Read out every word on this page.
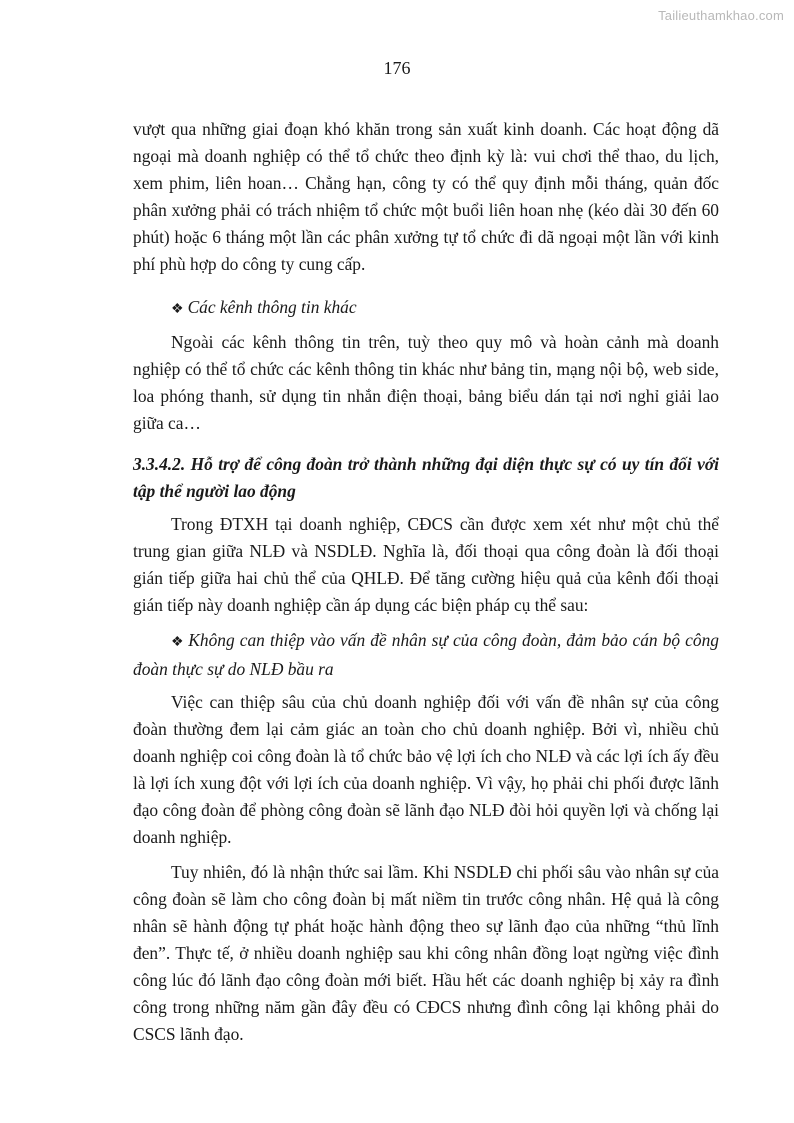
Tailieuthamkhao.com
176

vượt qua những giai đoạn khó khăn trong sản xuất kinh doanh. Các hoạt động dã ngoại mà doanh nghiệp có thể tổ chức theo định kỳ là: vui chơi thể thao, du lịch, xem phim, liên hoan… Chẳng hạn, công ty có thể quy định mỗi tháng, quản đốc phân xưởng phải có trách nhiệm tổ chức một buổi liên hoan nhẹ (kéo dài 30 đến 60 phút) hoặc 6 tháng một lần các phân xưởng tự tổ chức đi dã ngoại một lần với kinh phí phù hợp do công ty cung cấp.

❖ Các kênh thông tin khác

Ngoài các kênh thông tin trên, tuỳ theo quy mô và hoàn cảnh mà doanh nghiệp có thể tổ chức các kênh thông tin khác như bảng tin, mạng nội bộ, web side, loa phóng thanh, sử dụng tin nhắn điện thoại, bảng biểu dán tại nơi nghỉ giải lao giữa ca…

3.3.4.2. Hỗ trợ để công đoàn trở thành những đại diện thực sự có uy tín đối với tập thể người lao động

Trong ĐTXH tại doanh nghiệp, CĐCS cần được xem xét như một chủ thể trung gian giữa NLĐ và NSDLĐ. Nghĩa là, đối thoại qua công đoàn là đối thoại gián tiếp giữa hai chủ thể của QHLĐ. Để tăng cường hiệu quả của kênh đối thoại gián tiếp này doanh nghiệp cần áp dụng các biện pháp cụ thể sau:

❖ Không can thiệp vào vấn đề nhân sự của công đoàn, đảm bảo cán bộ công đoàn thực sự do NLĐ bầu ra

Việc can thiệp sâu của chủ doanh nghiệp đối với vấn đề nhân sự của công đoàn thường đem lại cảm giác an toàn cho chủ doanh nghiệp. Bởi vì, nhiều chủ doanh nghiệp coi công đoàn là tổ chức bảo vệ lợi ích cho NLĐ và các lợi ích ấy đều là lợi ích xung đột với lợi ích của doanh nghiệp. Vì vậy, họ phải chi phối được lãnh đạo công đoàn để phòng công đoàn sẽ lãnh đạo NLĐ đòi hỏi quyền lợi và chống lại doanh nghiệp.

Tuy nhiên, đó là nhận thức sai lầm. Khi NSDLĐ chi phối sâu vào nhân sự của công đoàn sẽ làm cho công đoàn bị mất niềm tin trước công nhân. Hệ quả là công nhân sẽ hành động tự phát hoặc hành động theo sự lãnh đạo của những “thủ lĩnh đen”. Thực tế, ở nhiều doanh nghiệp sau khi công nhân đồng loạt ngừng việc đình công lúc đó lãnh đạo công đoàn mới biết. Hầu hết các doanh nghiệp bị xảy ra đình công trong những năm gần đây đều có CĐCS nhưng đình công lại không phải do CSCS lãnh đạo.
